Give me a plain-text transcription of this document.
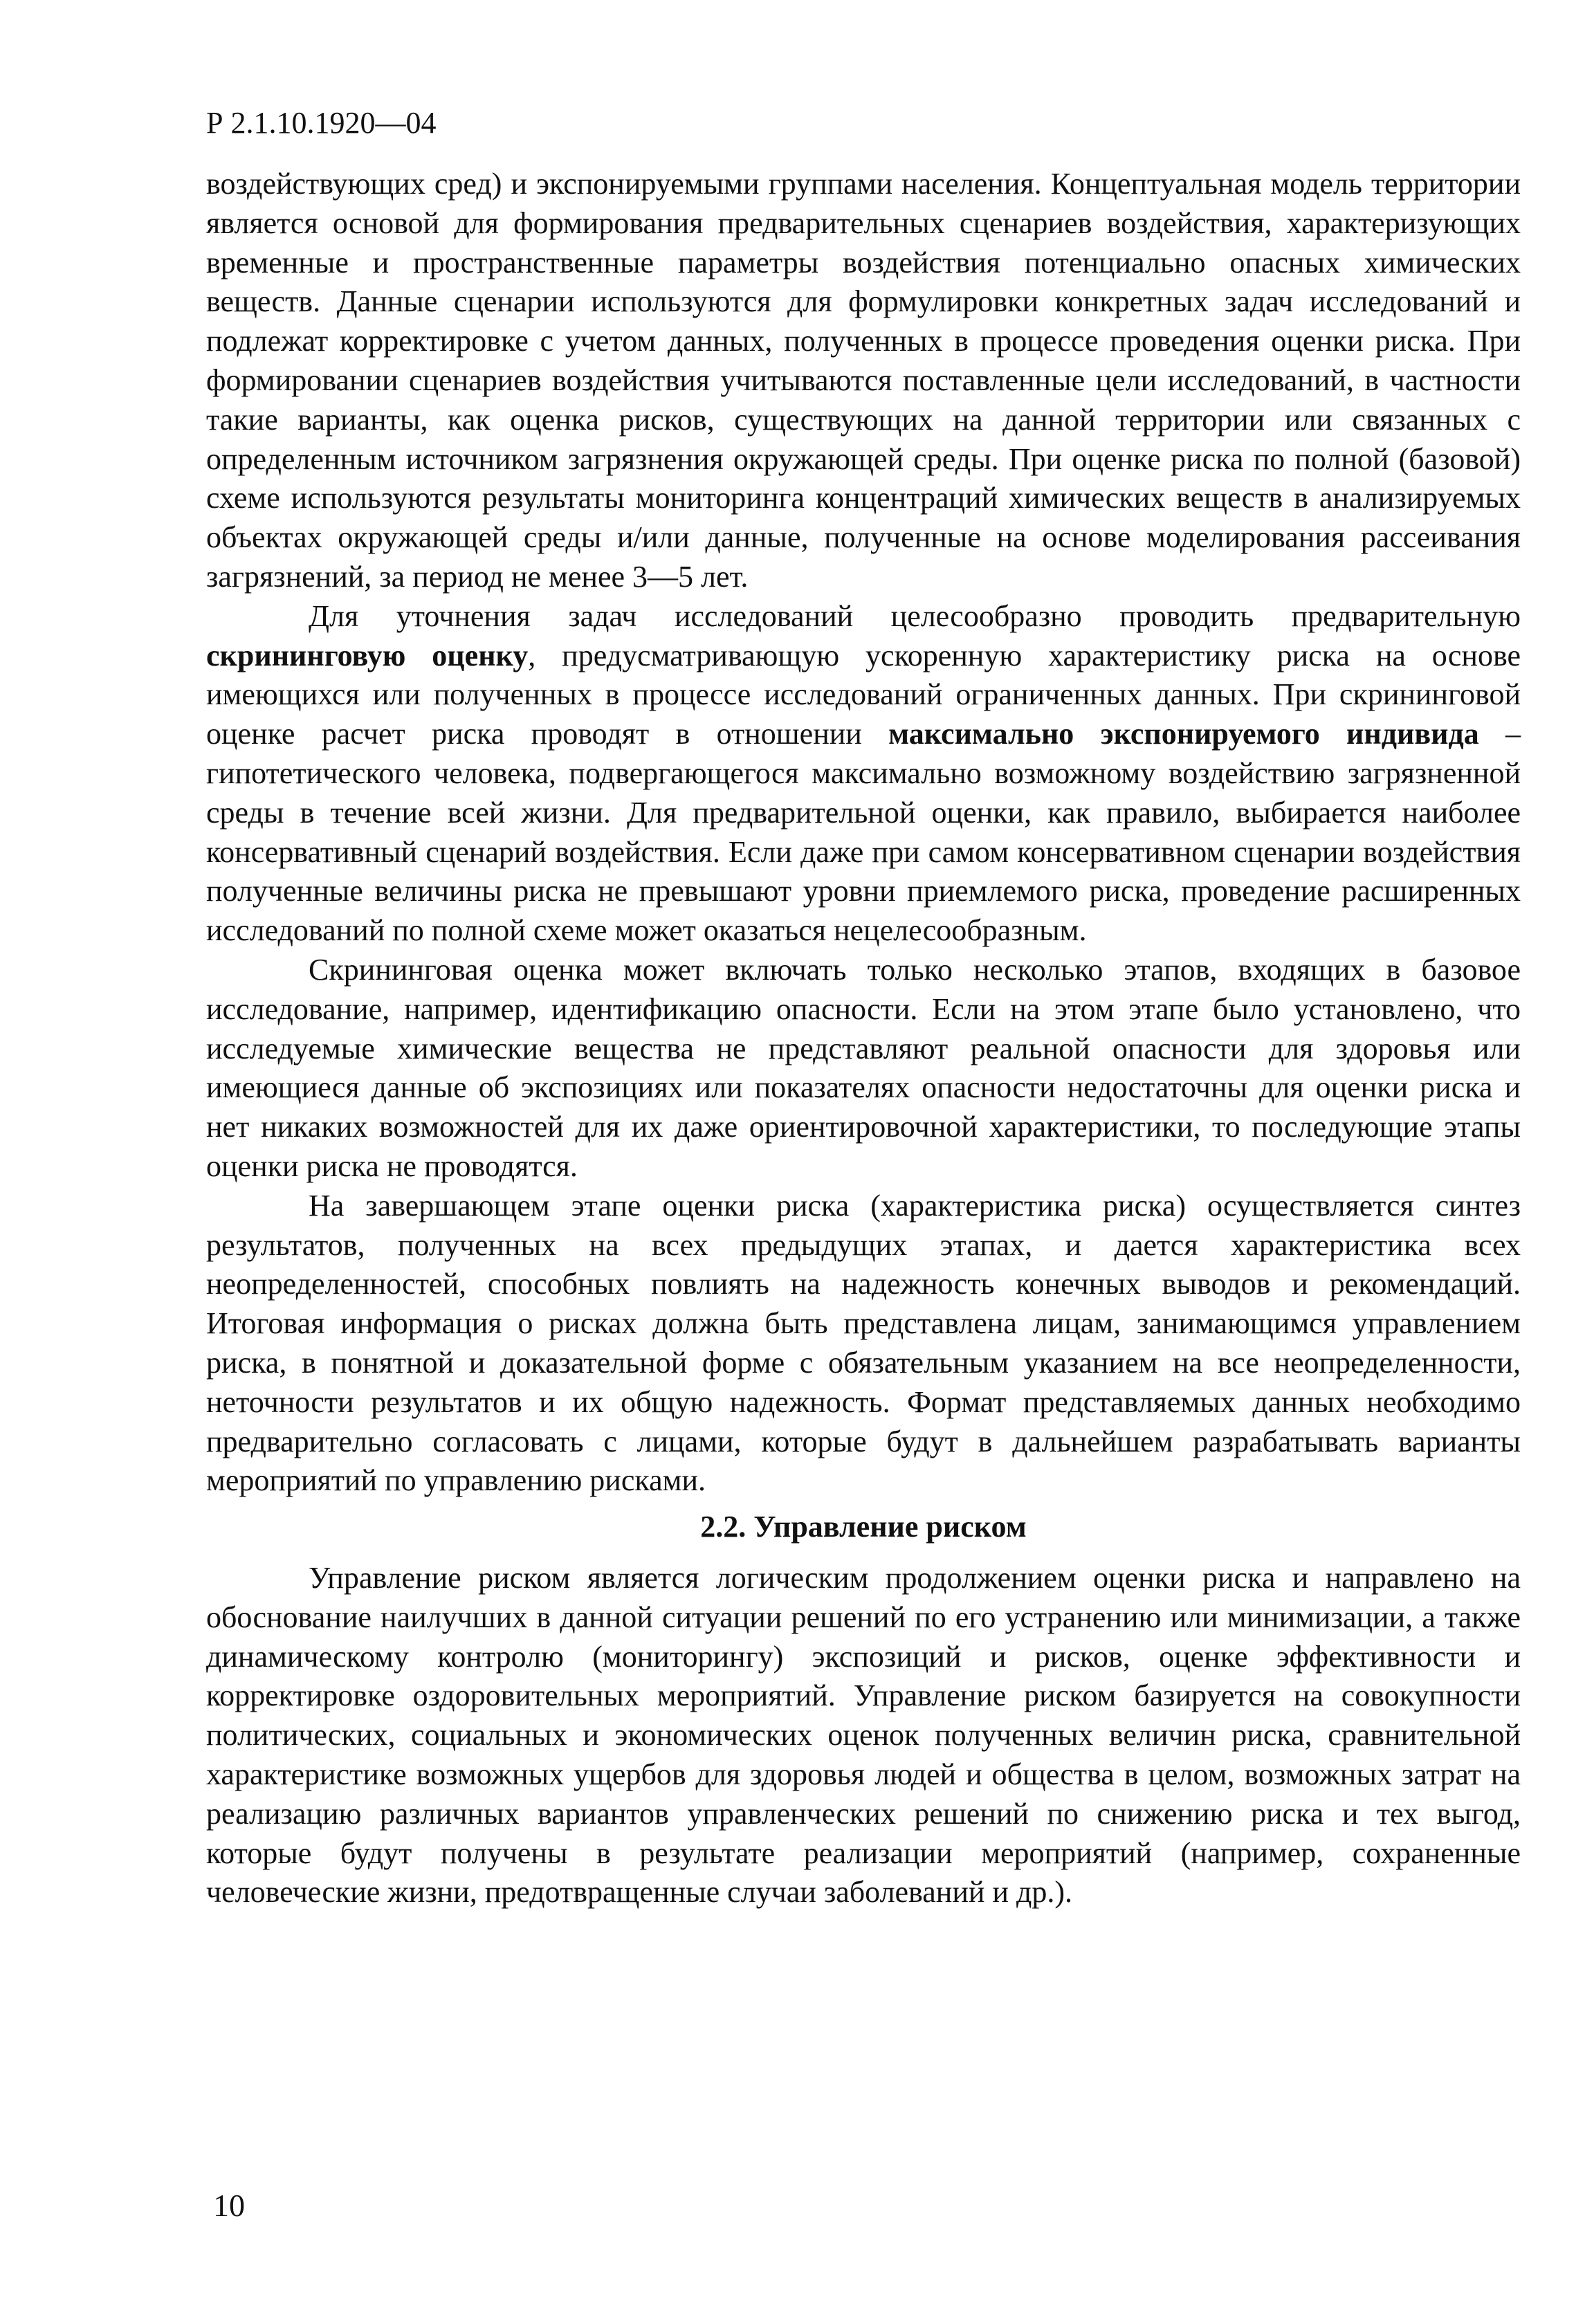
Р 2.1.10.1920—04

воздействующих сред) и экспонируемыми группами населения. Концептуальная модель территории является основой для формирования предварительных сценариев воздействия, характеризующих временные и пространственные параметры воздействия потенциально опасных химических веществ. Данные сценарии используются для формулировки конкретных задач исследований и подлежат корректировке с учетом данных, полученных в процессе проведения оценки риска. При формировании сценариев воздействия учитываются поставленные цели исследований, в частности такие варианты, как оценка рисков, существующих на данной территории или связанных с определенным источником загрязнения окружающей среды. При оценке риска по полной (базовой) схеме используются результаты мониторинга концентраций химических веществ в анализируемых объектах окружающей среды и/или данные, полученные на основе моделирования рассеивания загрязнений, за период не менее 3—5 лет.

Для уточнения задач исследований целесообразно проводить предварительную скрининговую оценку, предусматривающую ускоренную характеристику риска на основе имеющихся или полученных в процессе исследований ограниченных данных. При скрининговой оценке расчет риска проводят в отношении максимально экспонируемого индивида – гипотетического человека, подвергающегося максимально возможному воздействию загрязненной среды в течение всей жизни. Для предварительной оценки, как правило, выбирается наиболее консервативный сценарий воздействия. Если даже при самом консервативном сценарии воздействия полученные величины риска не превышают уровни приемлемого риска, проведение расширенных исследований по полной схеме может оказаться нецелесообразным.

Скрининговая оценка может включать только несколько этапов, входящих в базовое исследование, например, идентификацию опасности. Если на этом этапе было установлено, что исследуемые химические вещества не представляют реальной опасности для здоровья или имеющиеся данные об экспозициях или показателях опасности недостаточны для оценки риска и нет никаких возможностей для их даже ориентировочной характеристики, то последующие этапы оценки риска не проводятся.

На завершающем этапе оценки риска (характеристика риска) осуществляется синтез результатов, полученных на всех предыдущих этапах, и дается характеристика всех неопределенностей, способных повлиять на надежность конечных выводов и рекомендаций. Итоговая информация о рисках должна быть представлена лицам, занимающимся управлением риска, в понятной и доказательной форме с обязательным указанием на все неопределенности, неточности результатов и их общую надежность. Формат представляемых данных необходимо предварительно согласовать с лицами, которые будут в дальнейшем разрабатывать варианты мероприятий по управлению рисками.

2.2. Управление риском

Управление риском является логическим продолжением оценки риска и направлено на обоснование наилучших в данной ситуации решений по его устранению или минимизации, а также динамическому контролю (мониторингу) экспозиций и рисков, оценке эффективности и корректировке оздоровительных мероприятий. Управление риском базируется на совокупности политических, социальных и экономических оценок полученных величин риска, сравнительной характеристике возможных ущербов для здоровья людей и общества в целом, возможных затрат на реализацию различных вариантов управленческих решений по снижению риска и тех выгод, которые будут получены в результате реализации мероприятий (например, сохраненные человеческие жизни, предотвращенные случаи заболеваний и др.).

10
